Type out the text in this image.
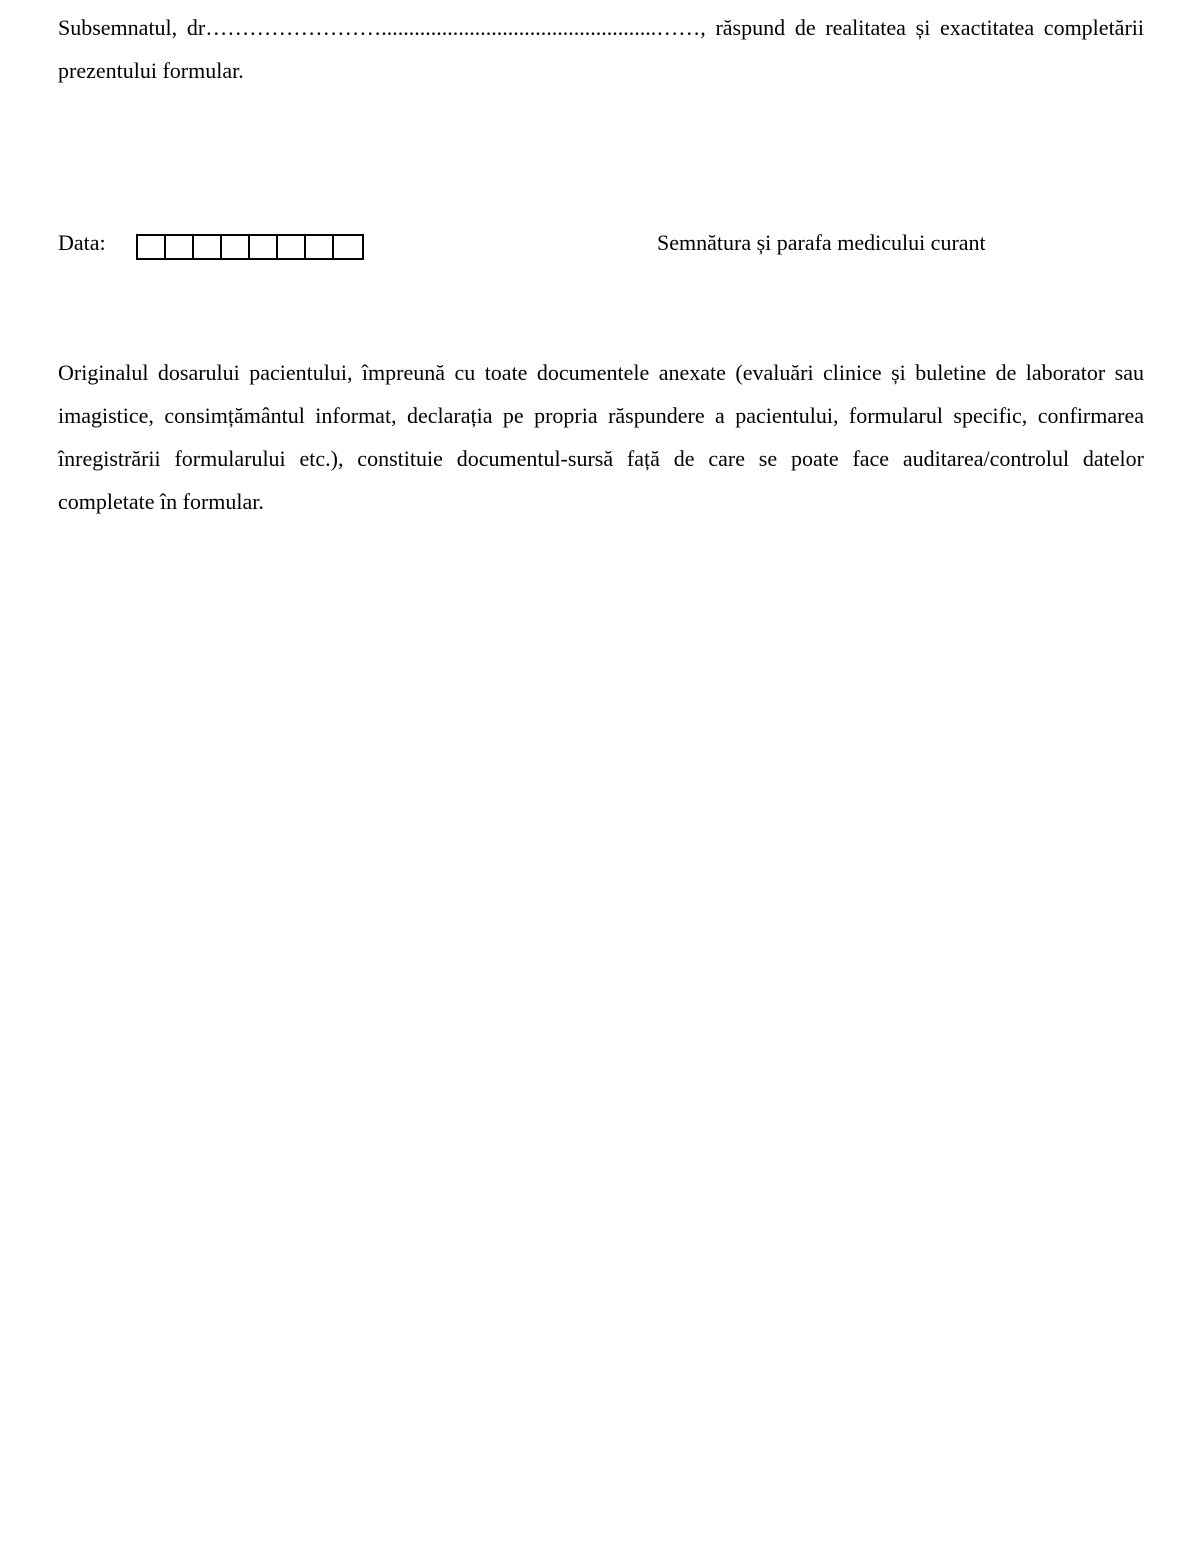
Subsemnatul, dr……………………..................................................……, răspund de realitatea și exactitatea completării prezentului formular.

Data:	Semnătura și parafa medicului curant

Originalul dosarului pacientului, împreună cu toate documentele anexate (evaluări clinice și buletine de laborator sau imagistice, consimțământul informat, declarația pe propria răspundere a pacientului, formularul specific, confirmarea înregistrării formularului etc.), constituie documentul-sursă față de care se poate face auditarea/controlul datelor completate în formular.
